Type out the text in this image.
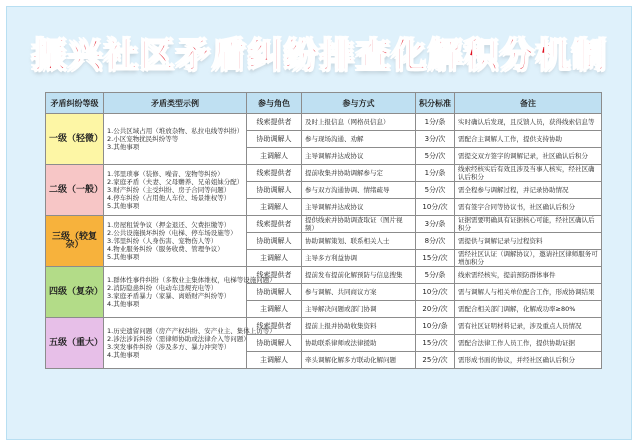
振兴社区矛盾纠纷排查化解积分机制
矛盾纠纷等级	矛盾类型示例	参与角色	参与方式	积分标准	备注
一级（轻微）	1.公共区域占用（堆放杂物、私拉电线等纠纷）
2.小区宠物扰民纠纷等等
3.其他事项	线索提供者	及时上报信息（网格员信息）	1分/条	实时确认后发现，且反馈人员，获得线索信息等
		协助调解人	参与现场沟通、劝解	3分/次	需配合主调解人工作，提供支持协助
		主调解人	主导调解并达成协议	5分/次	需提交双方签字的调解记录，社区确认后积分
二级（一般）	1.邻里琐事（装修、噪音、宠物等纠纷）
2.家庭矛盾（夫妻、父母赡养、兄弟姐妹分配）
3.财产纠纷（主受纠纷、房子合同等问题）
4.停车纠纷（占用他人车位、场景维权等）
5.其他事项	线索提供者	提前收集并协助调解参与定	1分/条	线索经核实后有效且涉及当事人核实，经社区确认后积分
		协助调解人	参与双方沟通协调、情绪疏导	5分/次	需全程参与调解过程，并记录协助情况
		主调解人	主导调解并达成协议	10分/次	需有签字合同等协议书，社区确认后积分
三级（较复杂）	1.房屋租赁争议（押金退还、欠费拒缴等）
2.公共设施损坏纠纷（电梯、停车场设施等）
3.邻里纠纷（人身伤害、宠物伤人等）
4.物业服务纠纷（服务收费、管理争议）
5.其他事项	线索提供者	提供线索并协助调查取证（图片视频）	3分/条	证据需要明确具有证据核心可能，经社区确认后积分
		协助调解人	协助调解策划、联系相关人士	8分/次	需提供与调解记录与过程资料
		主调解人	主导多方利益协调	15分/次	需经社区认证（调解协议），邀请社区律师服务可增加积分
四级（复杂）	1.群体性事件纠纷（多数业主集体维权，电梯等设施问题）
2.消防隐患纠纷（电动车违规充电等）
3.家庭矛盾暴力（家暴、离婚财产纠纷等）
4.其他事项	线索提供者	提前发布提前化解预防与信息搜集	5分/条	线索需经核实，提前预防群体事件
		协助调解人	参与调解、共同商议方案	10分/次	需与调解人与相关单位配合工作，形成协调结果
		主调解人	主导解决问题或部门协调	20分/次	需配合相关部门调解，化解成功率≥80%
五级（重大）	1.历史遗留问题（房产产权纠纷、安产业主、集体上访等）
2.涉法涉诉纠纷（需律师协助或法律介入等问题）
3.突发事件纠纷（涉及多方、暴力冲突等）
4.其他事项	线索提供者	提前上报并协助收集资料	10分/条	需有社区证明材料记录，涉及重点人员情况
		协助调解人	协助联系律师或法律援助	15分/次	需配合法律工作人员工作，提供协助证据
		主调解人	牵头调解化解多方联动化解问题	25分/次	需形成书面的协议，并经社区确认后积分
